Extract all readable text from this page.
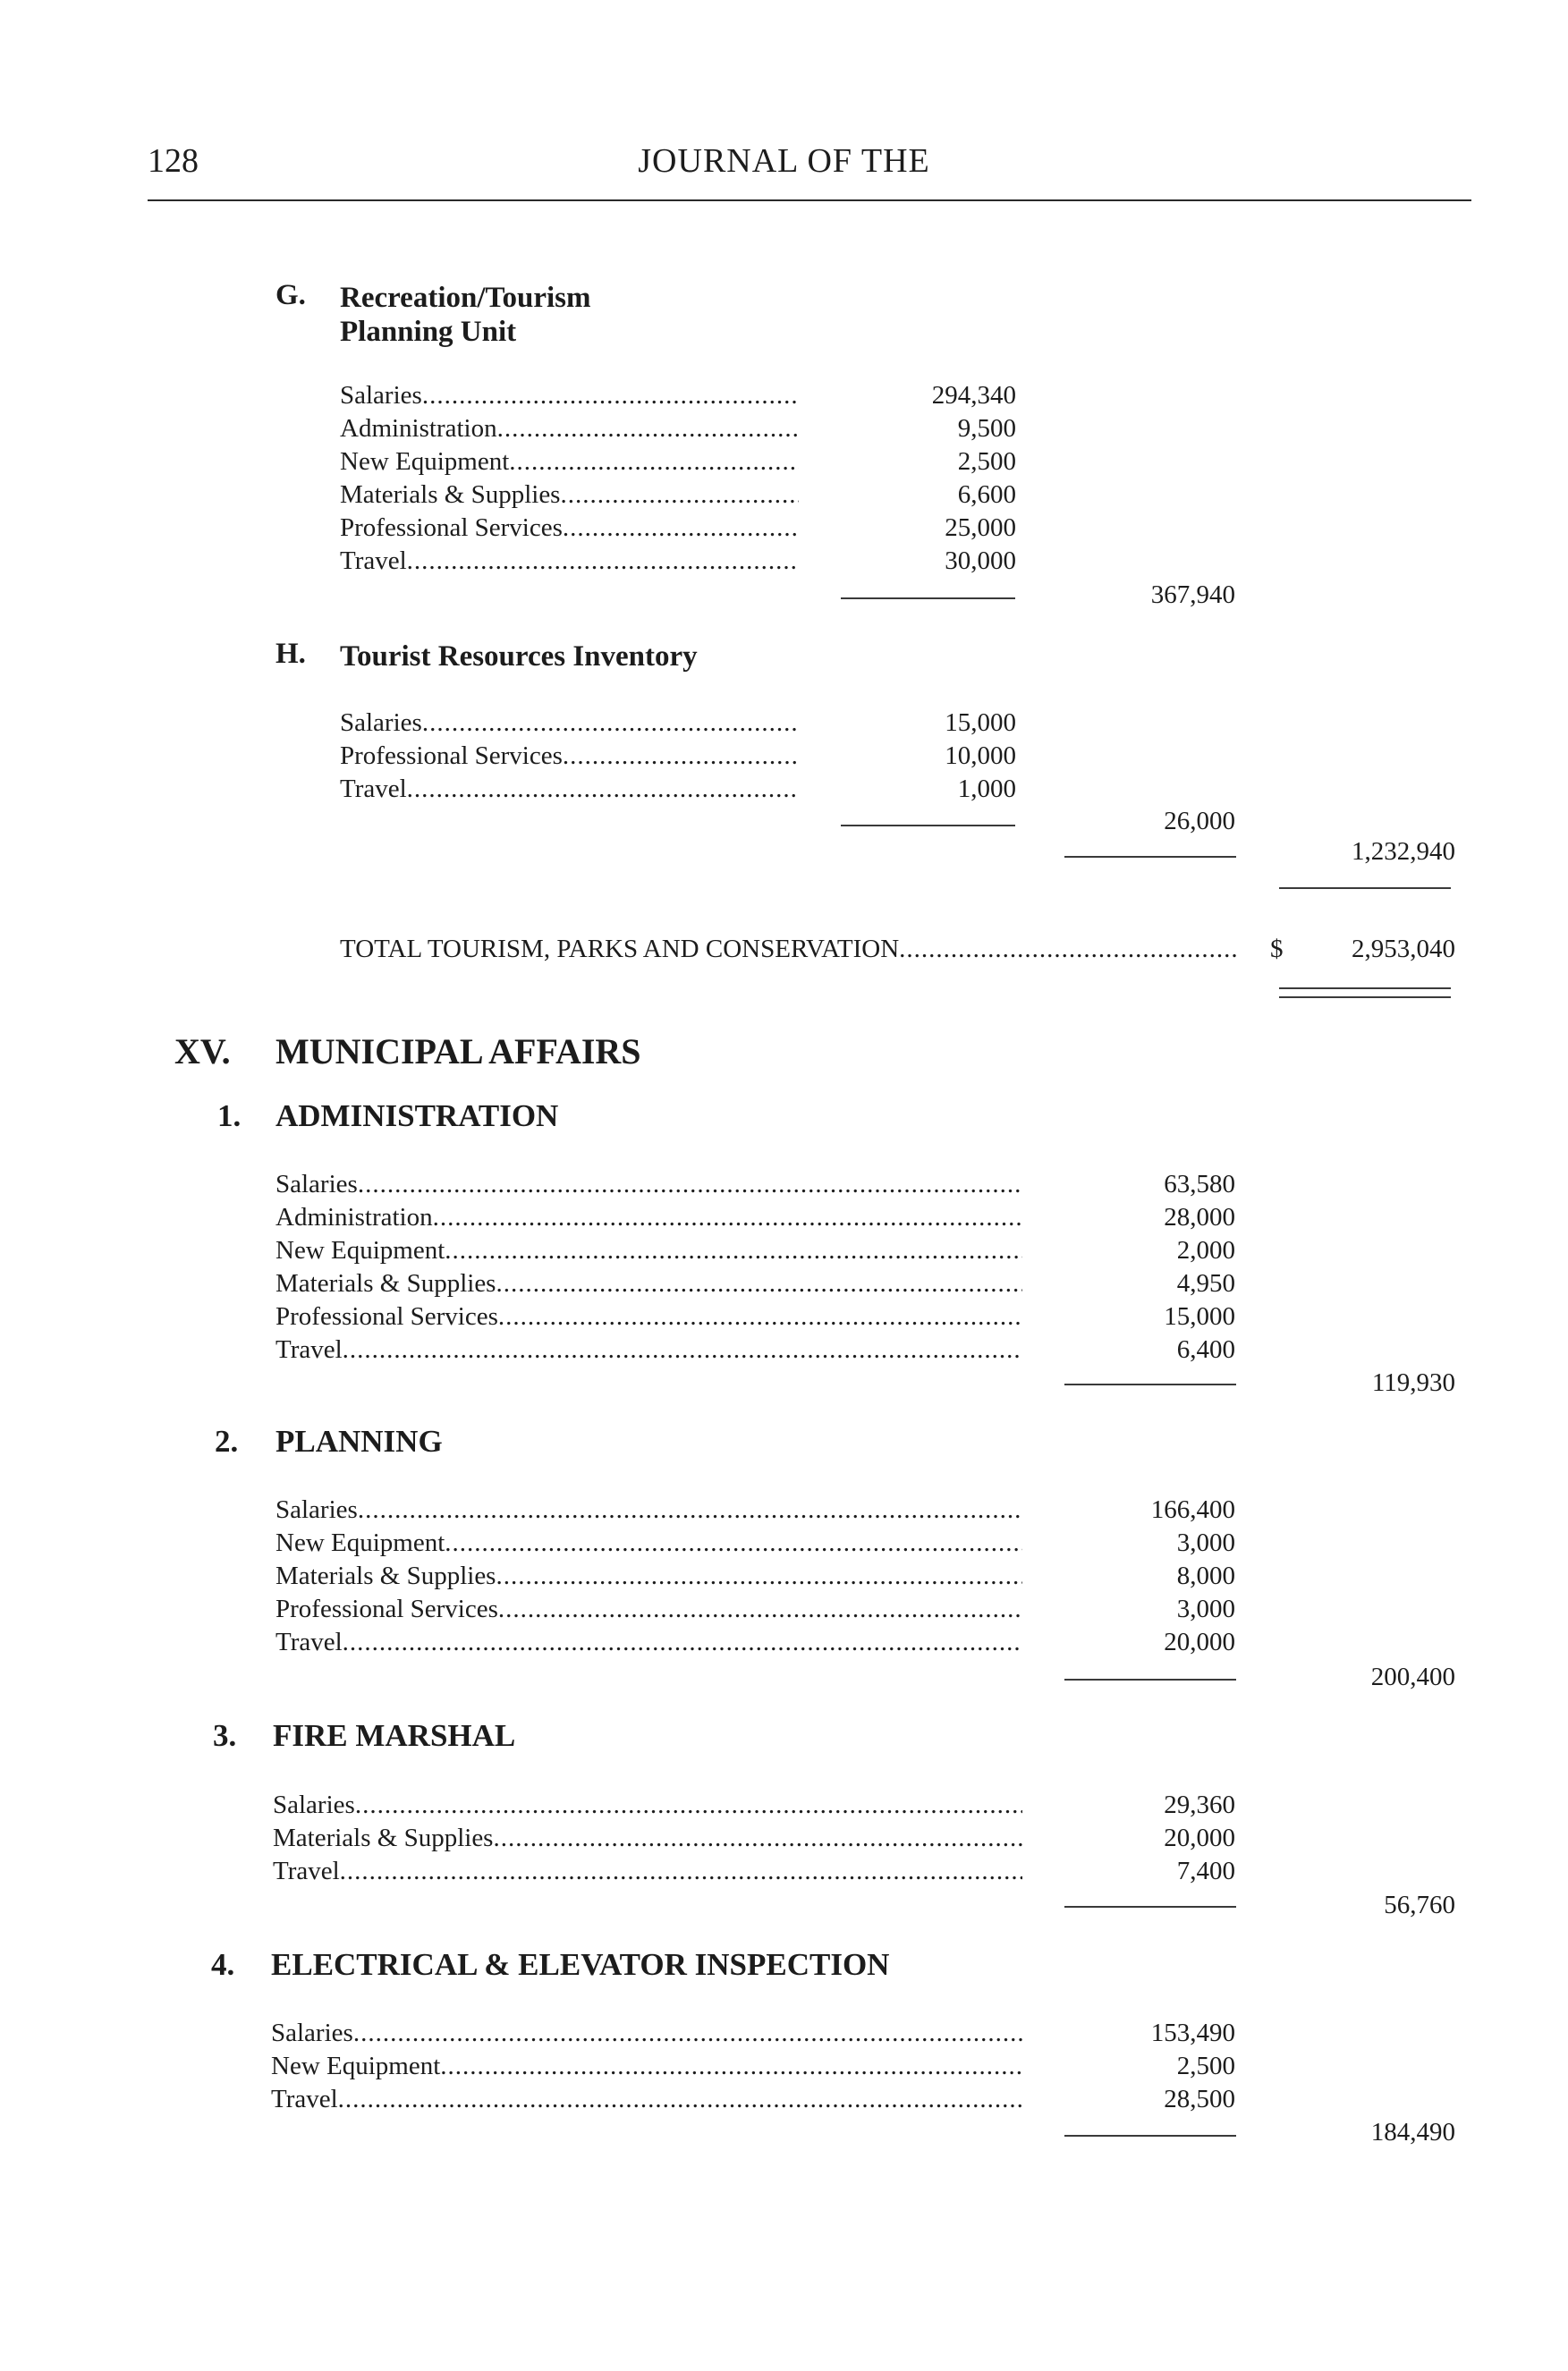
128	JOURNAL OF THE
G. Recreation/Tourism
Planning Unit
Salaries .....	294,340
Administration .....	9,500
New Equipment .....	2,500
Materials & Supplies .....	6,600
Professional Services .....	25,000
Travel .....	30,000
367,940
H. Tourist Resources Inventory
Salaries .....	15,000
Professional Services .....	10,000
Travel .....	1,000
26,000
1,232,940
TOTAL TOURISM, PARKS AND CONSERVATION .....	$	2,953,040
XV. MUNICIPAL AFFAIRS
1. ADMINISTRATION
Salaries .....	63,580
Administration .....	28,000
New Equipment .....	2,000
Materials & Supplies .....	4,950
Professional Services .....	15,000
Travel .....	6,400
119,930
2. PLANNING
Salaries .....	166,400
New Equipment .....	3,000
Materials & Supplies .....	8,000
Professional Services .....	3,000
Travel .....	20,000
200,400
3. FIRE MARSHAL
Salaries .....	29,360
Materials & Supplies .....	20,000
Travel .....	7,400
56,760
4. ELECTRICAL & ELEVATOR INSPECTION
Salaries .....	153,490
New Equipment .....	2,500
Travel .....	28,500
184,490
